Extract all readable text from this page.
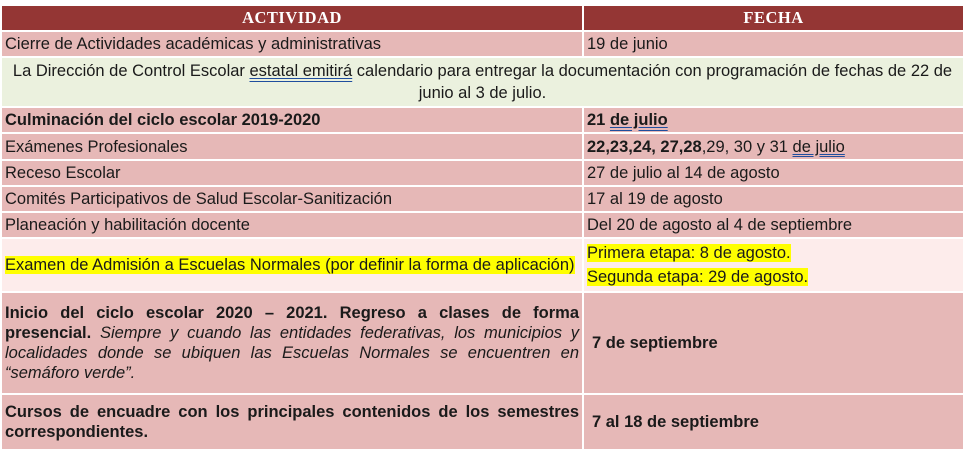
ACTIVIDAD	FECHA
Cierre de Actividades académicas y administrativas	19 de junio
La Dirección de Control Escolar estatal emitirá calendario para entregar la documentación con programación de fechas de 22 de junio al 3 de julio.	
Culminación del ciclo escolar 2019-2020	21 de julio
Exámenes Profesionales	22,23,24, 27,28,29, 30 y 31 de julio
Receso Escolar	27 de julio al 14 de agosto
Comités Participativos de Salud Escolar-Sanitización	17 al 19 de agosto
Planeación y habilitación docente	Del 20 de agosto al 4 de septiembre
Examen de Admisión a Escuelas Normales (por definir la forma de aplicación)	Primera etapa: 8 de agosto.
Segunda etapa: 29 de agosto.
Inicio del ciclo escolar 2020 – 2021. Regreso a clases de forma presencial. Siempre y cuando las entidades federativas, los municipios y localidades donde se ubiquen las Escuelas Normales se encuentren en “semáforo verde”.	7 de septiembre
Cursos de encuadre con los principales contenidos de los semestres correspondientes.	7 al 18 de septiembre
